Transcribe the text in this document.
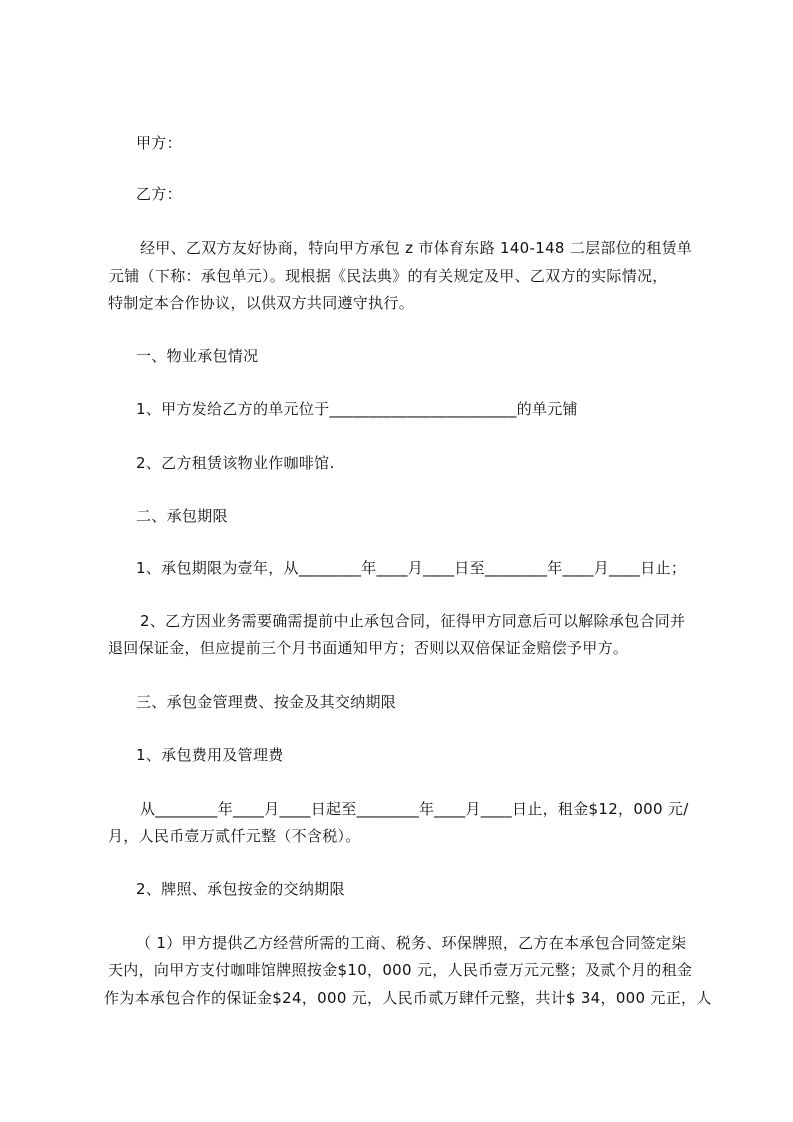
甲方：
乙方：
经甲、乙双方友好协商，特向甲方承包 z 市体育东路 140-148 二层部位的租赁单
元铺（下称：承包单元）。现根据《民法典》的有关规定及甲、乙双方的实际情况，
特制定本合作协议，以供双方共同遵守执行。
一、物业承包情况
1、甲方发给乙方的单元位于________________________的单元铺
2、乙方租赁该物业作咖啡馆.
二、承包期限
1、承包期限为壹年，从________年____月____日至________年____月____日止；
2、乙方因业务需要确需提前中止承包合同，征得甲方同意后可以解除承包合同并
退回保证金，但应提前三个月书面通知甲方；否则以双倍保证金赔偿予甲方。
三、承包金管理费、按金及其交纳期限
1、承包费用及管理费
从________年____月____日起至________年____月____日止，租金$12，000 元/
月，人民币壹万贰仟元整（不含税）。
2、牌照、承包按金的交纳期限
（ 1）甲方提供乙方经营所需的工商、税务、环保牌照，乙方在本承包合同签定柒
天内，向甲方支付咖啡馆牌照按金$10，000 元，人民币壹万元元整；及贰个月的租金
作为本承包合作的保证金$24，000 元，人民币贰万肆仟元整，共计$ 34，000 元正，人
